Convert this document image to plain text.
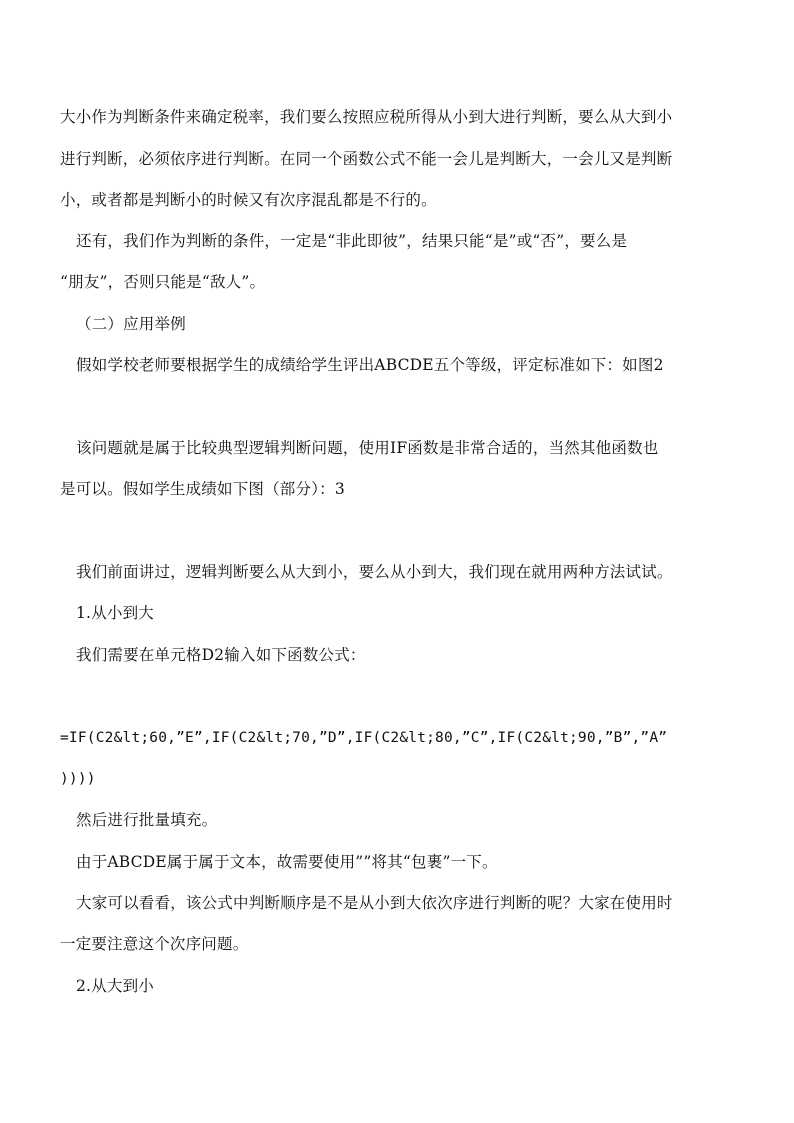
大小作为判断条件来确定税率，我们要么按照应税所得从小到大进行判断，要么从大到小
进行判断，必须依序进行判断。在同一个函数公式不能一会儿是判断大，一会儿又是判断
小，或者都是判断小的时候又有次序混乱都是不行的。
还有，我们作为判断的条件，一定是“非此即彼”，结果只能“是”或“否”，要么是
“朋友”，否则只能是“敌人”。
（二）应用举例
假如学校老师要根据学生的成绩给学生评出ABCDE五个等级，评定标准如下：如图2
该问题就是属于比较典型逻辑判断问题，使用IF函数是非常合适的，当然其他函数也
是可以。假如学生成绩如下图（部分）：3
我们前面讲过，逻辑判断要么从大到小，要么从小到大，我们现在就用两种方法试试。
1.从小到大
我们需要在单元格D2输入如下函数公式：
=IF(C2&lt;60,”E”,IF(C2&lt;70,”D”,IF(C2&lt;80,”C”,IF(C2&lt;90,”B”,”A”
))))
然后进行批量填充。
由于ABCDE属于属于文本，故需要使用””将其“包裹”一下。
大家可以看看，该公式中判断顺序是不是从小到大依次序进行判断的呢？大家在使用时
一定要注意这个次序问题。
2.从大到小
